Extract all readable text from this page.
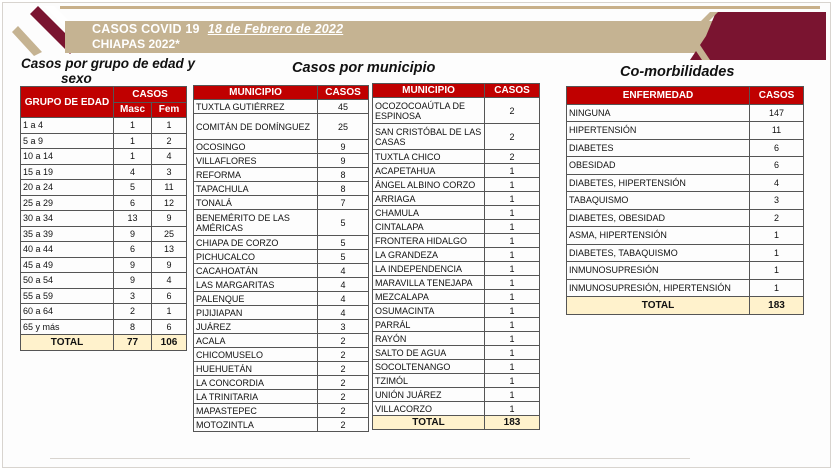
CASOS COVID 19 18 de Febrero de 2022
CHIAPAS 2022*
Casos por grupo de edad y
sexo
Casos por municipio	Co-morbilidades
GRUPO DE EDAD	CASOS	
	Masc	Fem
1 a 4	1	1
5 a 9	1	2
10 a 14	1	4
15 a 19	4	3
20 a 24	5	11
25 a 29	6	12
30 a 34	13	9
35 a 39	9	25
40 a 44	6	13
45 a 49	9	9
50 a 54	9	4
55 a 59	3	6
60 a 64	2	1
65 y más	8	6
TOTAL	77	106
MUNICIPIO	CASOS
TUXTLA GUTIÉRREZ	45
COMITÁN DE DOMÍNGUEZ	25
OCOSINGO	9
VILLAFLORES	9
REFORMA	8
TAPACHULA	8
TONALÁ	7
BENEMÉRITO DE LAS AMÉRICAS	5
CHIAPA DE CORZO	5
PICHUCALCO	5
CACAHOATÁN	4
LAS MARGARITAS	4
PALENQUE	4
PIJIJIAPAN	4
JUÁREZ	3
ACALA	2
CHICOMUSELO	2
HUEHUETÁN	2
LA CONCORDIA	2
LA TRINITARIA	2
MAPASTEPEC	2
MOTOZINTLA	2
MUNICIPIO	CASOS
OCOZOCOAÚTLA DE ESPINOSA	2
SAN CRISTÓBAL DE LAS CASAS	2
TUXTLA CHICO	2
ACAPETAHUA	1
ÁNGEL ALBINO CORZO	1
ARRIAGA	1
CHAMULA	1
CINTALAPA	1
FRONTERA HIDALGO	1
LA GRANDEZA	1
LA INDEPENDENCIA	1
MARAVILLA TENEJAPA	1
MEZCALAPA	1
OSUMACINTA	1
PARRÁL	1
RAYÓN	1
SALTO DE AGUA	1
SOCOLTENANGO	1
TZIMÓL	1
UNIÓN JUÁREZ	1
VILLACORZO	1
TOTAL	183
ENFERMEDAD	CASOS
NINGUNA	147
HIPERTENSIÓN	11
DIABETES	6
OBESIDAD	6
DIABETES, HIPERTENSIÓN	4
TABAQUISMO	3
DIABETES, OBESIDAD	2
ASMA, HIPERTENSIÓN	1
DIABETES, TABAQUISMO	1
INMUNOSUPRESIÓN	1
INMUNOSUPRESIÓN, HIPERTENSIÓN	1
TOTAL	183
